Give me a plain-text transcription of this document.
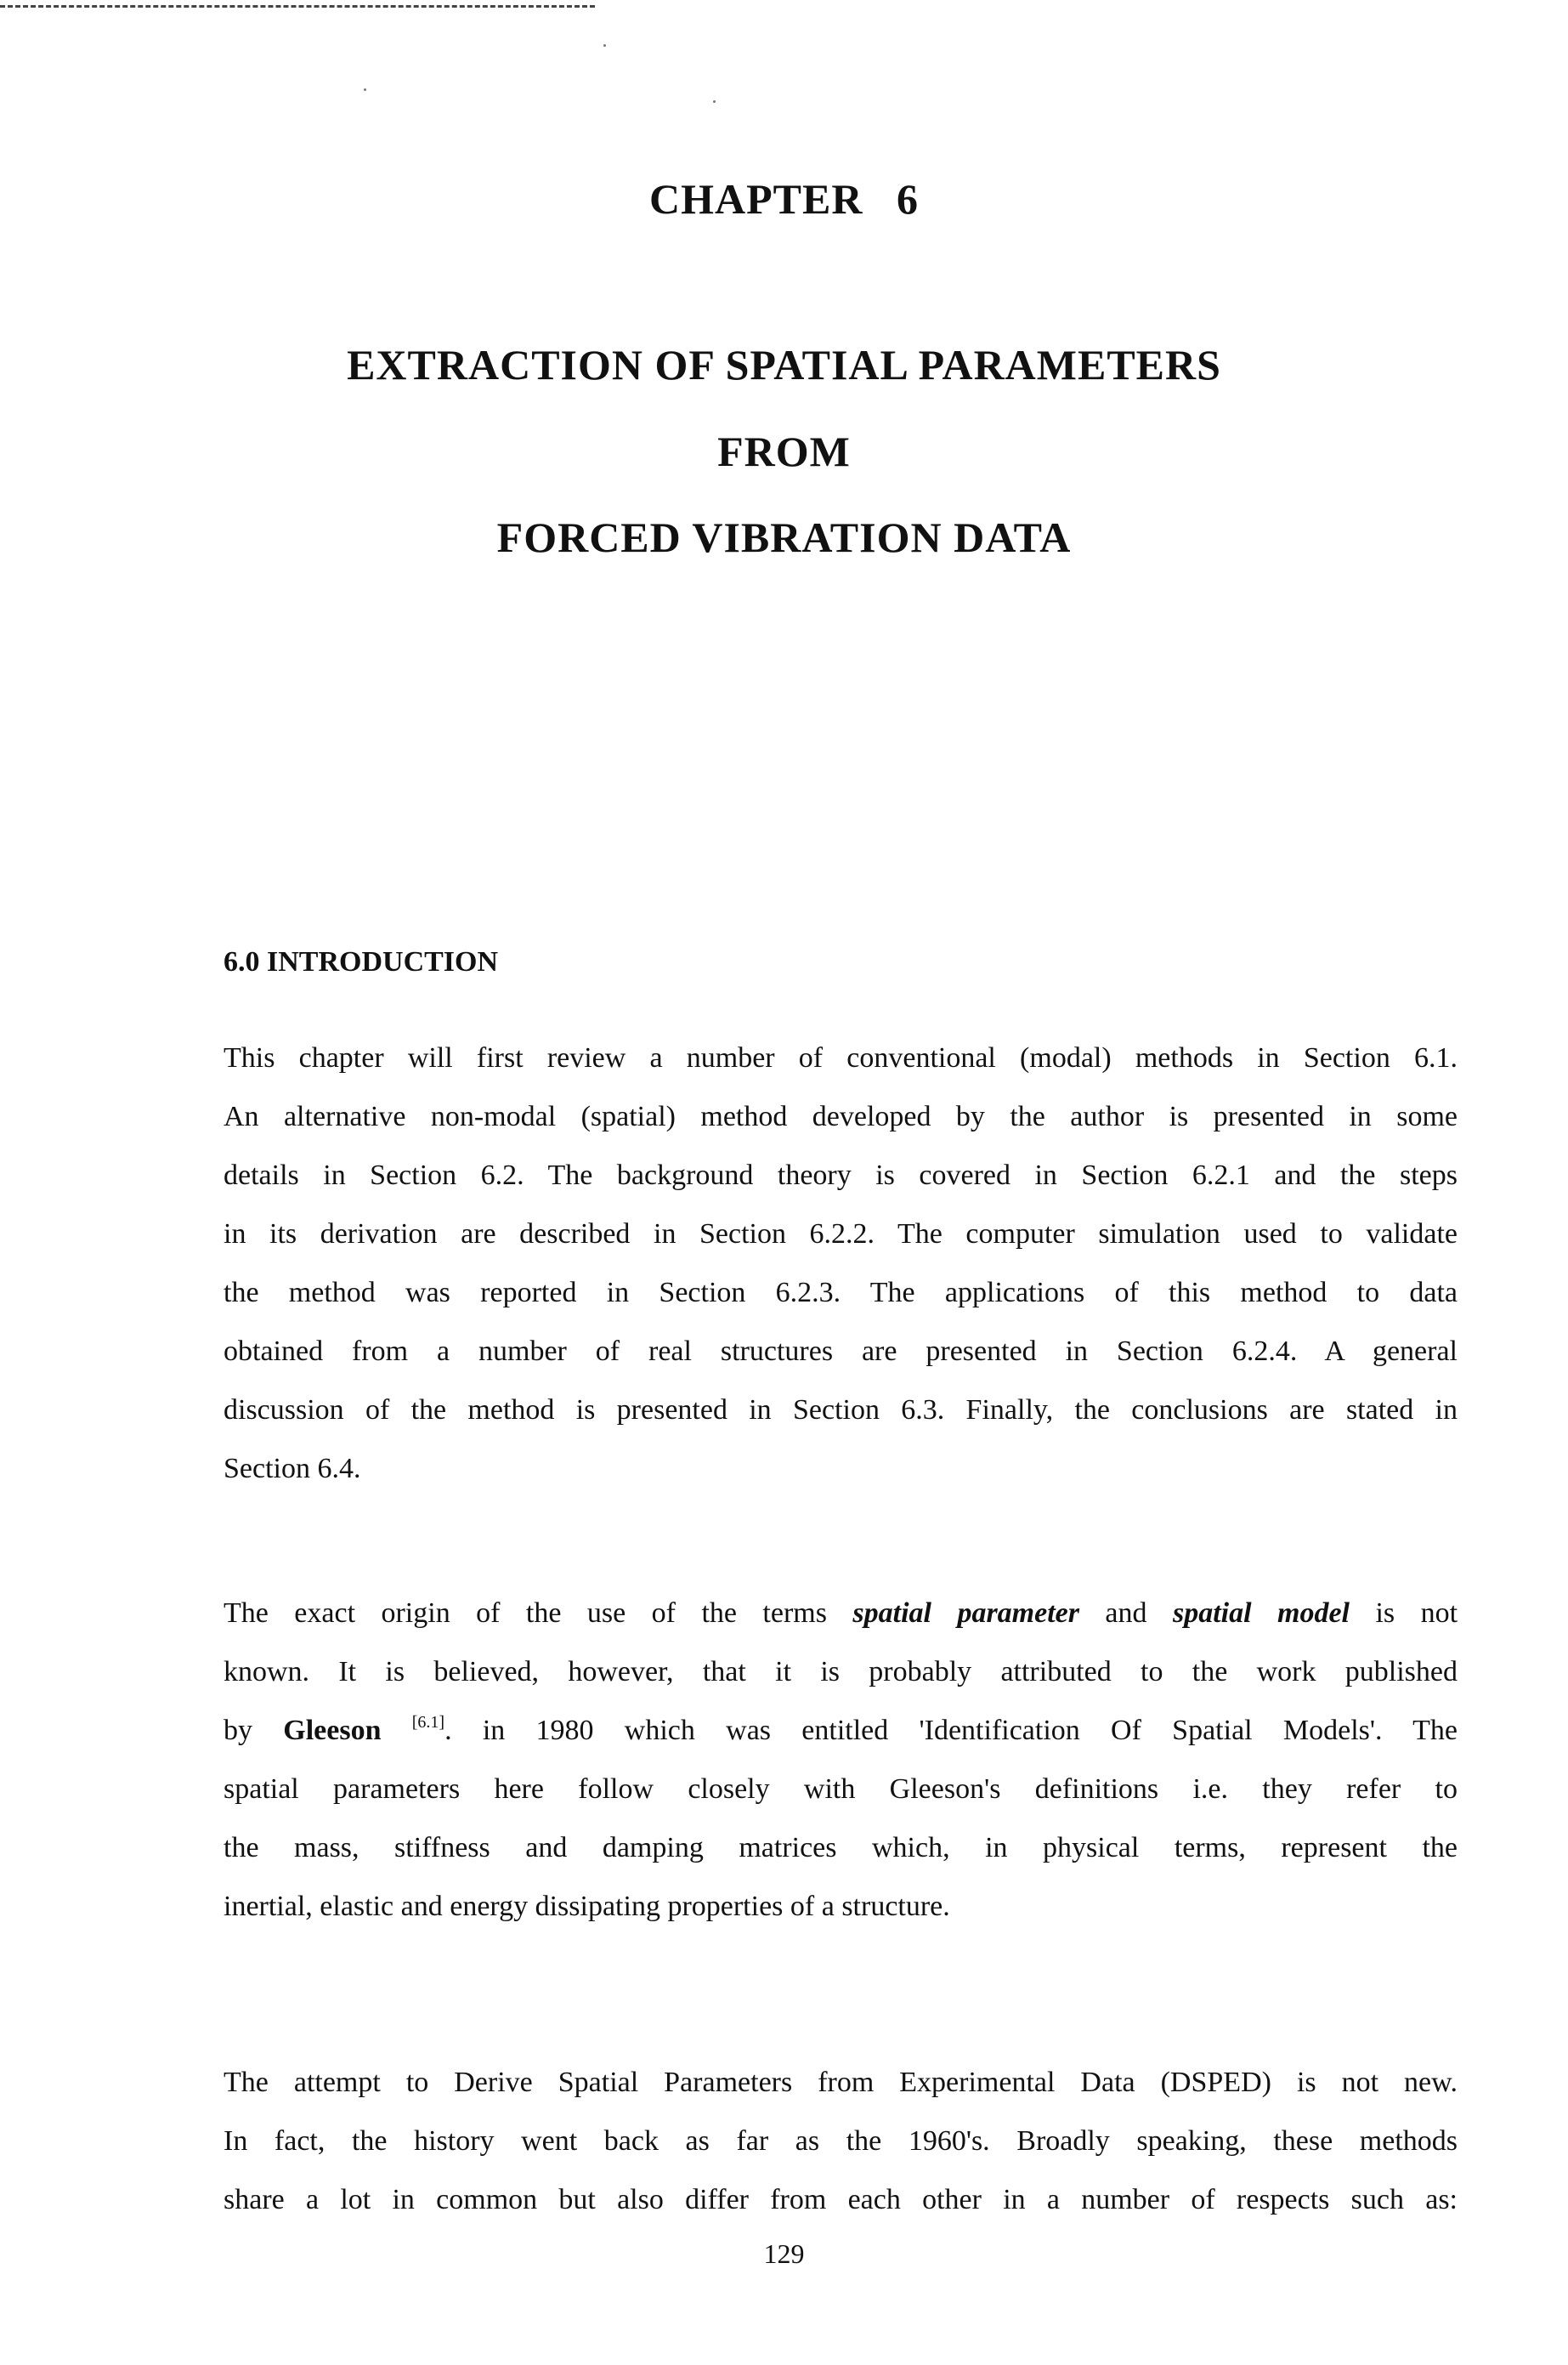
CHAPTER 6
EXTRACTION OF SPATIAL PARAMETERS
FROM
FORCED VIBRATION DATA
6.0 INTRODUCTION
This chapter will first review a number of conventional (modal) methods in Section 6.1.
An alternative non-modal (spatial) method developed by the author is presented in some
details in Section 6.2. The background theory is covered in Section 6.2.1 and the steps
in its derivation are described in Section 6.2.2. The computer simulation used to validate
the method was reported in Section 6.2.3. The applications of this method to data
obtained from a number of real structures are presented in Section 6.2.4. A general
discussion of the method is presented in Section 6.3. Finally, the conclusions are stated in
Section 6.4.
The exact origin of the use of the terms spatial parameter and spatial model is not
known. It is believed, however, that it is probably attributed to the work published
by Gleeson [6.1]. in 1980 which was entitled 'Identification Of Spatial Models'. The
spatial parameters here follow closely with Gleeson's definitions i.e. they refer to
the mass, stiffness and damping matrices which, in physical terms, represent the
inertial, elastic and energy dissipating properties of a structure.
The attempt to Derive Spatial Parameters from Experimental Data (DSPED) is not new.
In fact, the history went back as far as the 1960's. Broadly speaking, these methods
share a lot in common but also differ from each other in a number of respects such as:
129
